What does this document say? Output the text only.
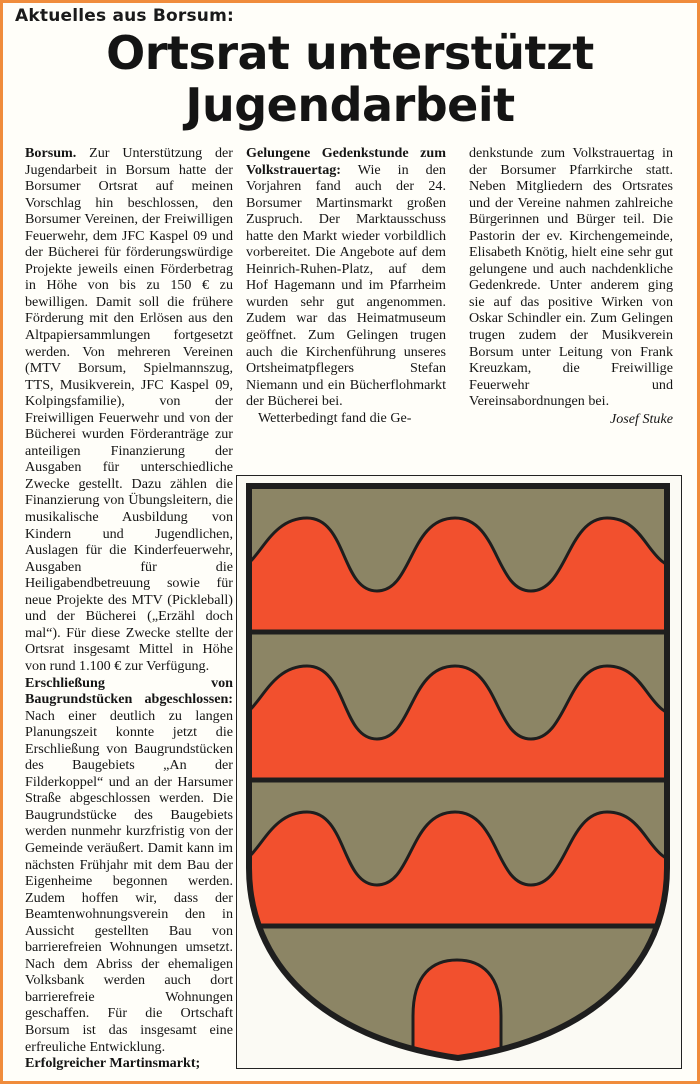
Aktuelles aus Borsum:
Ortsrat unterstützt
Jugendarbeit

Borsum. Zur Unterstützung der Jugendarbeit in Borsum hatte der Borsumer Ortsrat auf meinen Vorschlag hin beschlossen, den Borsumer Vereinen, der Freiwilligen Feuerwehr, dem JFC Kaspel 09 und der Bücherei für förderungswürdige Projekte jeweils einen Förderbetrag in Höhe von bis zu 150 € zu bewilligen. Damit soll die frühere Förderung mit den Erlösen aus den Altpapiersammlungen fortgesetzt werden. Von mehreren Vereinen (MTV Borsum, Spielmannszug, TTS, Musikverein, JFC Kaspel 09, Kolpingsfamilie), von der Freiwilligen Feuerwehr und von der Bücherei wurden Förderanträge zur anteiligen Finanzierung der Ausgaben für unterschiedliche Zwecke gestellt. Dazu zählen die Finanzierung von Übungsleitern, die musikalische Ausbildung von Kindern und Jugendlichen, Auslagen für die Kinderfeuerwehr, Ausgaben für die Heiligabendbetreuung sowie für neue Projekte des MTV (Pickleball) und der Bücherei („Erzähl doch mal“). Für diese Zwecke stellte der Ortsrat insgesamt Mittel in Höhe von rund 1.100 € zur Verfügung.

Erschließung von Baugrundstücken abgeschlossen: Nach einer deutlich zu langen Planungszeit konnte jetzt die Erschließung von Baugrundstücken des Baugebiets „An der Filderkoppel“ und an der Harsumer Straße abgeschlossen werden. Die Baugrundstücke des Baugebiets werden nunmehr kurzfristig von der Gemeinde veräußert. Damit kann im nächsten Frühjahr mit dem Bau der Eigenheime begonnen werden. Zudem hoffen wir, dass der Beamtenwohnungsverein den in Aussicht gestellten Bau von barrierefreien Wohnungen umsetzt. Nach dem Abriss der ehemaligen Volksbank werden auch dort barrierefreie Wohnungen geschaffen. Für die Ortschaft Borsum ist das insgesamt eine erfreuliche Entwicklung.

Erfolgreicher Martinsmarkt;

Gelungene Gedenkstunde zum Volkstrauertag: Wie in den Vorjahren fand auch der 24. Borsumer Martinsmarkt großen Zuspruch. Der Marktausschuss hatte den Markt wieder vorbildlich vorbereitet. Die Angebote auf dem Heinrich-Ruhen-Platz, auf dem Hof Hagemann und im Pfarrheim wurden sehr gut angenommen. Zudem war das Heimatmuseum geöffnet. Zum Gelingen trugen auch die Kirchenführung unseres Ortsheimatpflegers Stefan Niemann und ein Bücherflohmarkt der Bücherei bei.

Wetterbedingt fand die Ge-

denkstunde zum Volkstrauertag in der Borsumer Pfarrkirche statt. Neben Mitgliedern des Ortsrates und der Vereine nahmen zahlreiche Bürgerinnen und Bürger teil. Die Pastorin der ev. Kirchengemeinde, Elisabeth Knötig, hielt eine sehr gut gelungene und auch nachdenkliche Gedenkrede. Unter anderem ging sie auf das positive Wirken von Oskar Schindler ein. Zum Gelingen trugen zudem der Musikverein Borsum unter Leitung von Frank Kreuzkam, die Freiwillige Feuerwehr und Vereinsabordnungen bei.

Josef Stuke
